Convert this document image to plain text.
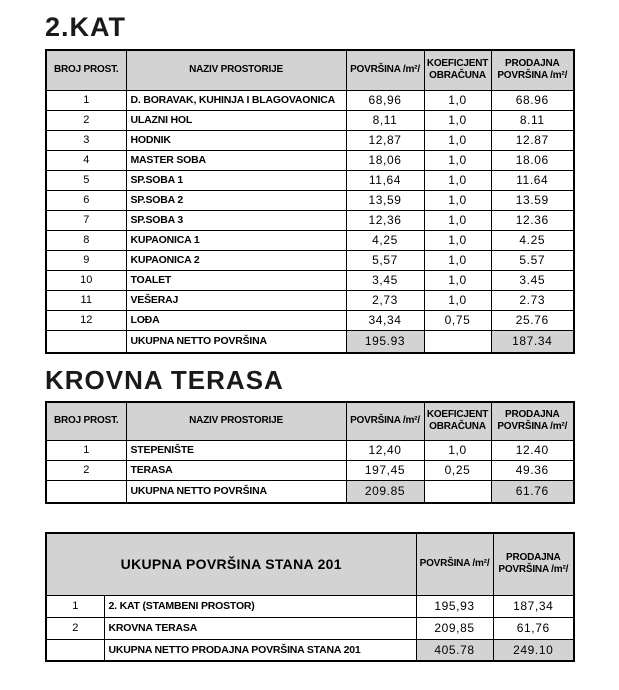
2.KAT
BROJ PROST.	NAZIV PROSTORIJE	POVRŠINA /m²/	KOEFICJENT
OBRAČUNA	PRODAJNA
POVRŠINA /m²/

1	D. BORAVAK, KUHINJA I BLAGOVAONICA	68,96	1,0	68.96
2	ULAZNI HOL	8,11	1,0	8.11
3	HODNIK	12,87	1,0	12.87
4	MASTER SOBA	18,06	1,0	18.06
5	SP.SOBA 1	11,64	1,0	11.64
6	SP.SOBA 2	13,59	1,0	13.59
7	SP.SOBA 3	12,36	1,0	12.36
8	KUPAONICA 1	4,25	1,0	4.25
9	KUPAONICA 2	5,57	1,0	5.57
10	TOALET	3,45	1,0	3.45
11	VEŠERAJ	2,73	1,0	2.73
12	LOĐA	34,34	0,75	25.76
	UKUPNA NETTO POVRŠINA	195.93		187.34
KROVNA TERASA
BROJ PROST.	NAZIV PROSTORIJE	POVRŠINA /m²/	KOEFICJENT
OBRAČUNA	PRODAJNA
POVRŠINA /m²/

1	STEPENIŠTE	12,40	1,0	12.40
2	TERASA	197,45	0,25	49.36
	UKUPNA NETTO POVRŠINA	209.85		61.76
UKUPNA POVRŠINA STANA 201		POVRŠINA /m²/	PRODAJNA
POVRŠINA /m²/

1	2. KAT (STAMBENI PROSTOR)	195,93	187,34
2	KROVNA TERASA	209,85	61,76
	UKUPNA NETTO PRODAJNA POVRŠINA STANA 201	405.78	249.10
